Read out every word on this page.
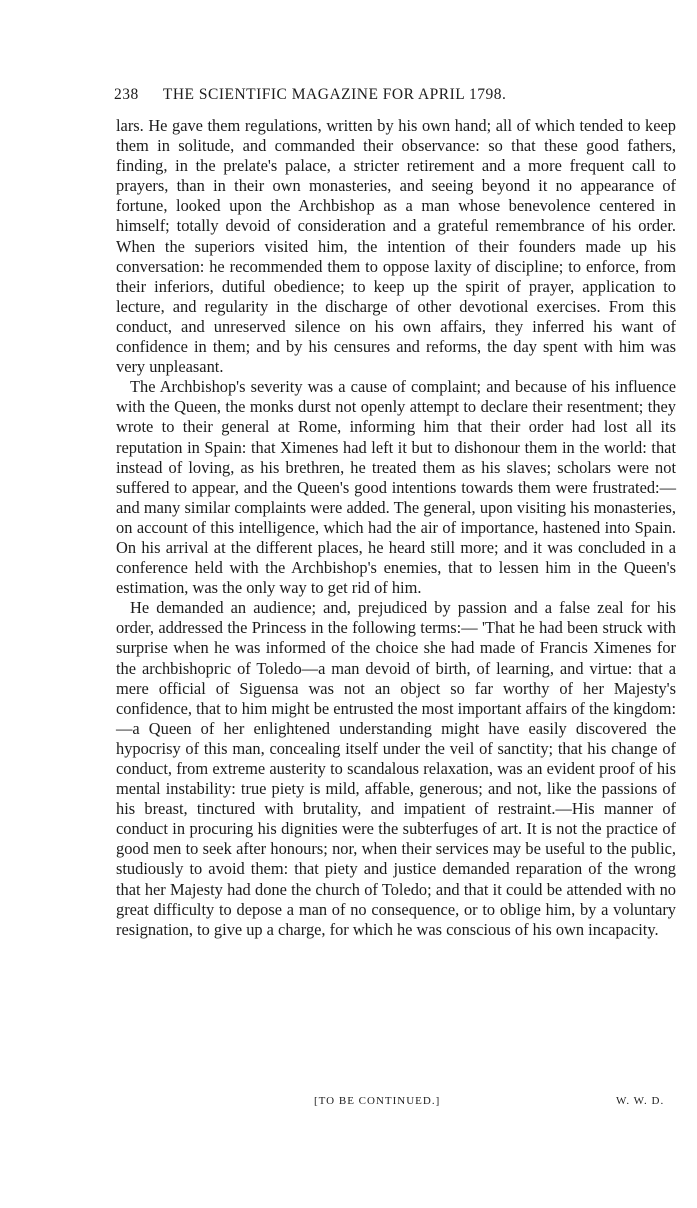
238 THE SCIENTIFIC MAGAZINE FOR APRIL 1798.

lars. He gave them regulations, written by his own hand; all of which tended to keep them in solitude, and commanded their observance: so that these good fathers, finding, in the prelate's palace, a stricter retirement and a more frequent call to prayers, than in their own monasteries, and seeing beyond it no appearance of fortune, looked upon the Archbishop as a man whose benevolence centered in himself; totally devoid of consideration and a grateful remembrance of his order. When the superiors visited him, the intention of their founders made up his conversation: he recommended them to oppose laxity of discipline; to enforce, from their inferiors, dutiful obedience; to keep up the spirit of prayer, application to lecture, and regularity in the discharge of other devotional exercises. From this conduct, and unreserved silence on his own affairs, they inferred his want of confidence in them; and by his censures and reforms, the day spent with him was very unpleasant.

The Archbishop's severity was a cause of complaint; and because of his influence with the Queen, the monks durst not openly attempt to declare their resentment; they wrote to their general at Rome, informing him that their order had lost all its reputation in Spain: that Ximenes had left it but to dishonour them in the world: that instead of loving, as his brethren, he treated them as his slaves; scholars were not suffered to appear, and the Queen's good intentions towards them were frustrated:—and many similar complaints were added. The general, upon visiting his monasteries, on account of this intelligence, which had the air of importance, hastened into Spain. On his arrival at the different places, he heard still more; and it was concluded in a conference held with the Archbishop's enemies, that to lessen him in the Queen's estimation, was the only way to get rid of him.

He demanded an audience; and, prejudiced by passion and a false zeal for his order, addressed the Princess in the following terms:— 'That he had been struck with surprise when he was informed of the choice she had made of Francis Ximenes for the archbishopric of Toledo—a man devoid of birth, of learning, and virtue: that a mere official of Siguensa was not an object so far worthy of her Majesty's confidence, that to him might be entrusted the most important affairs of the kingdom:—a Queen of her enlightened understanding might have easily discovered the hypocrisy of this man, concealing itself under the veil of sanctity; that his change of conduct, from extreme austerity to scandalous relaxation, was an evident proof of his mental instability: true piety is mild, affable, generous; and not, like the passions of his breast, tinctured with brutality, and impatient of restraint.—His manner of conduct in procuring his dignities were the subterfuges of art. It is not the practice of good men to seek after honours; nor, when their services may be useful to the public, studiously to avoid them: that piety and justice demanded reparation of the wrong that her Majesty had done the church of Toledo; and that it could be attended with no great difficulty to depose a man of no consequence, or to oblige him, by a voluntary resignation, to give up a charge, for which he was conscious of his own incapacity.

[TO BE CONTINUED.]	W. W. D.
